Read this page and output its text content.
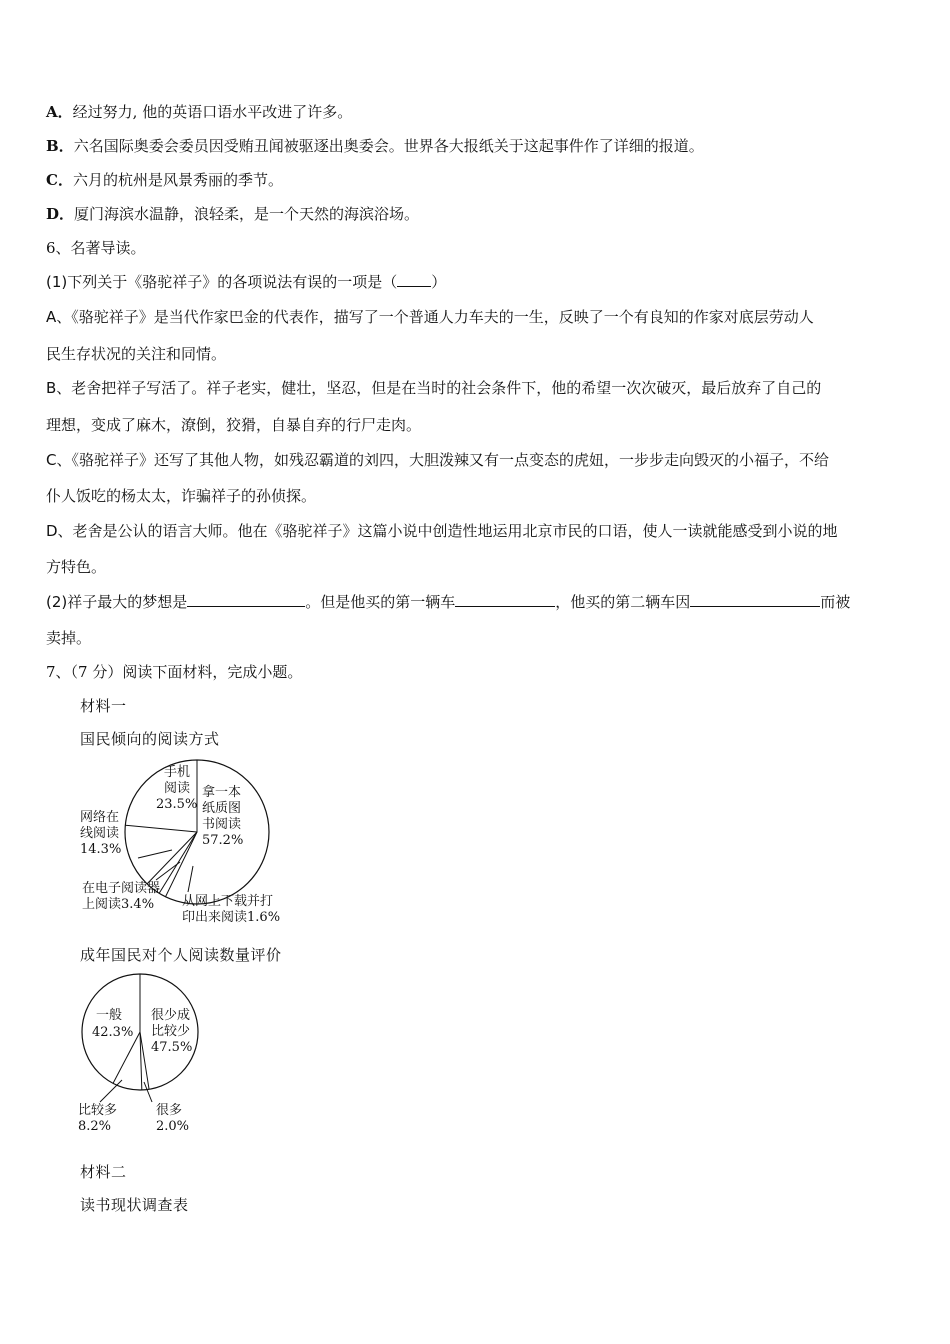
A．经过努力, 他的英语口语水平改进了许多。
B．六名国际奥委会委员因受贿丑闻被驱逐出奥委会。世界各大报纸关于这起事件作了详细的报道。
C．六月的杭州是风景秀丽的季节。
D．厦门海滨水温静，浪轻柔，是一个天然的海滨浴场。
6、名著导读。
(1)下列关于《骆驼祥子》的各项说法有误的一项是（ ）
A、《骆驼祥子》是当代作家巴金的代表作，描写了一个普通人力车夫的一生，反映了一个有良知的作家对底层劳动人
民生存状况的关注和同情。
B、老舍把祥子写活了。祥子老实，健壮，坚忍，但是在当时的社会条件下，他的希望一次次破灭，最后放弃了自己的
理想，变成了麻木，潦倒，狡猾，自暴自弃的行尸走肉。
C、《骆驼祥子》还写了其他人物，如残忍霸道的刘四，大胆泼辣又有一点变态的虎妞，一步步走向毁灭的小福子，不给
仆人饭吃的杨太太，诈骗祥子的孙侦探。
D、老舍是公认的语言大师。他在《骆驼祥子》这篇小说中创造性地运用北京市民的口语，使人一读就能感受到小说的地
方特色。
(2)祥子最大的梦想是	。但是他买的第一辆车	，他买的第二辆车因	而被
卖掉。
7、（7 分）阅读下面材料，完成小题。
材料一
国民倾向的阅读方式
拿一本
纸质图
书阅读
57.2%
手机
阅读
23.5%
网络在
线阅读
14.3%
在电子阅读器
上阅读3.4% 从网上下载并打
印出来阅读1.6%
成年国民对个人阅读数量评价
很少成
比较少
47.5%
一般
42.3%
比较多
8.2%
很多
2.0%
材料二
读书现状调查表
